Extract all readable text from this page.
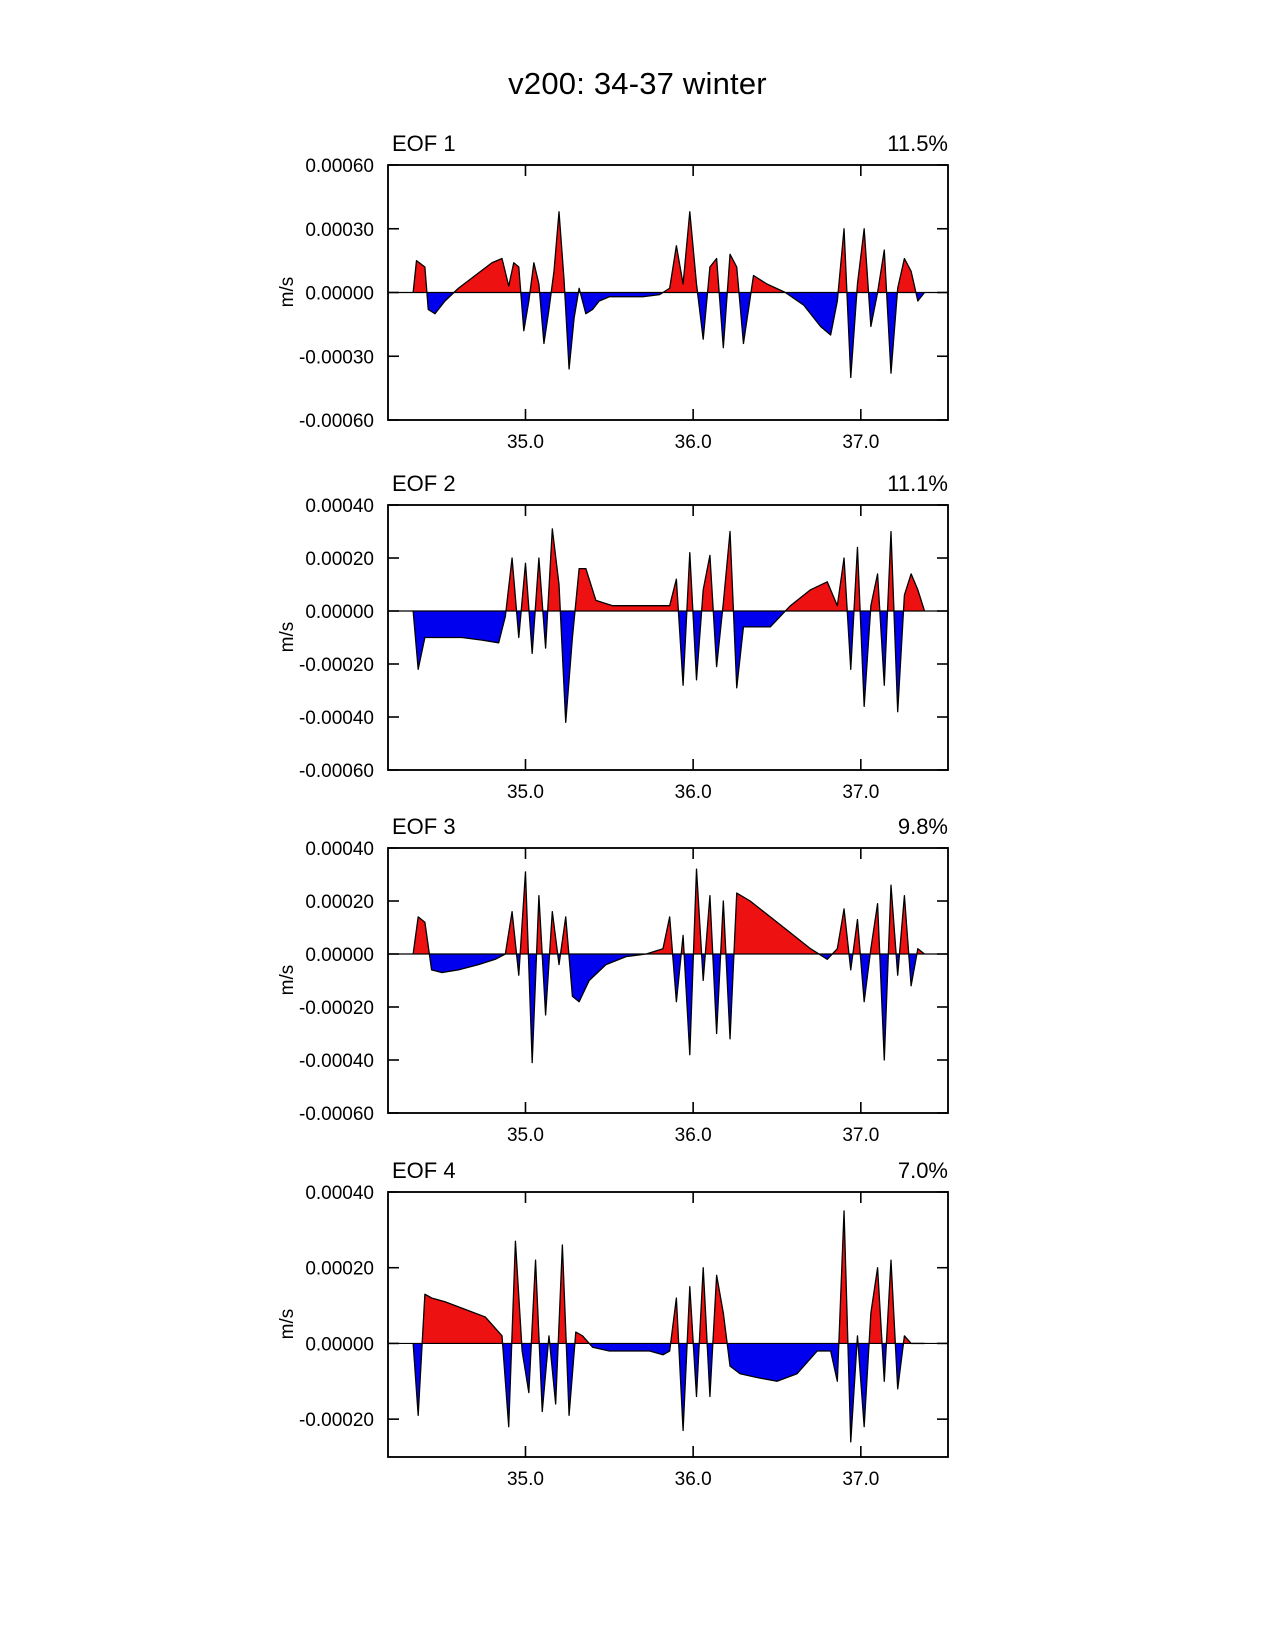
v200: 34-37 winter
-0.00060
-0.00030
0.00000
0.00030
0.00060
35.0	36.0	37.0
EOF 1	11.5%
m/s
-0.00060
-0.00040
-0.00020
0.00000
0.00020
0.00040
35.0	36.0	37.0
EOF 2	11.1%
m/s
-0.00060
-0.00040
-0.00020
0.00000
0.00020
0.00040
35.0	36.0	37.0
EOF 3	9.8%
m/s
-0.00020
0.00000
0.00020
0.00040
35.0	36.0	37.0
EOF 4	7.0%
m/s
